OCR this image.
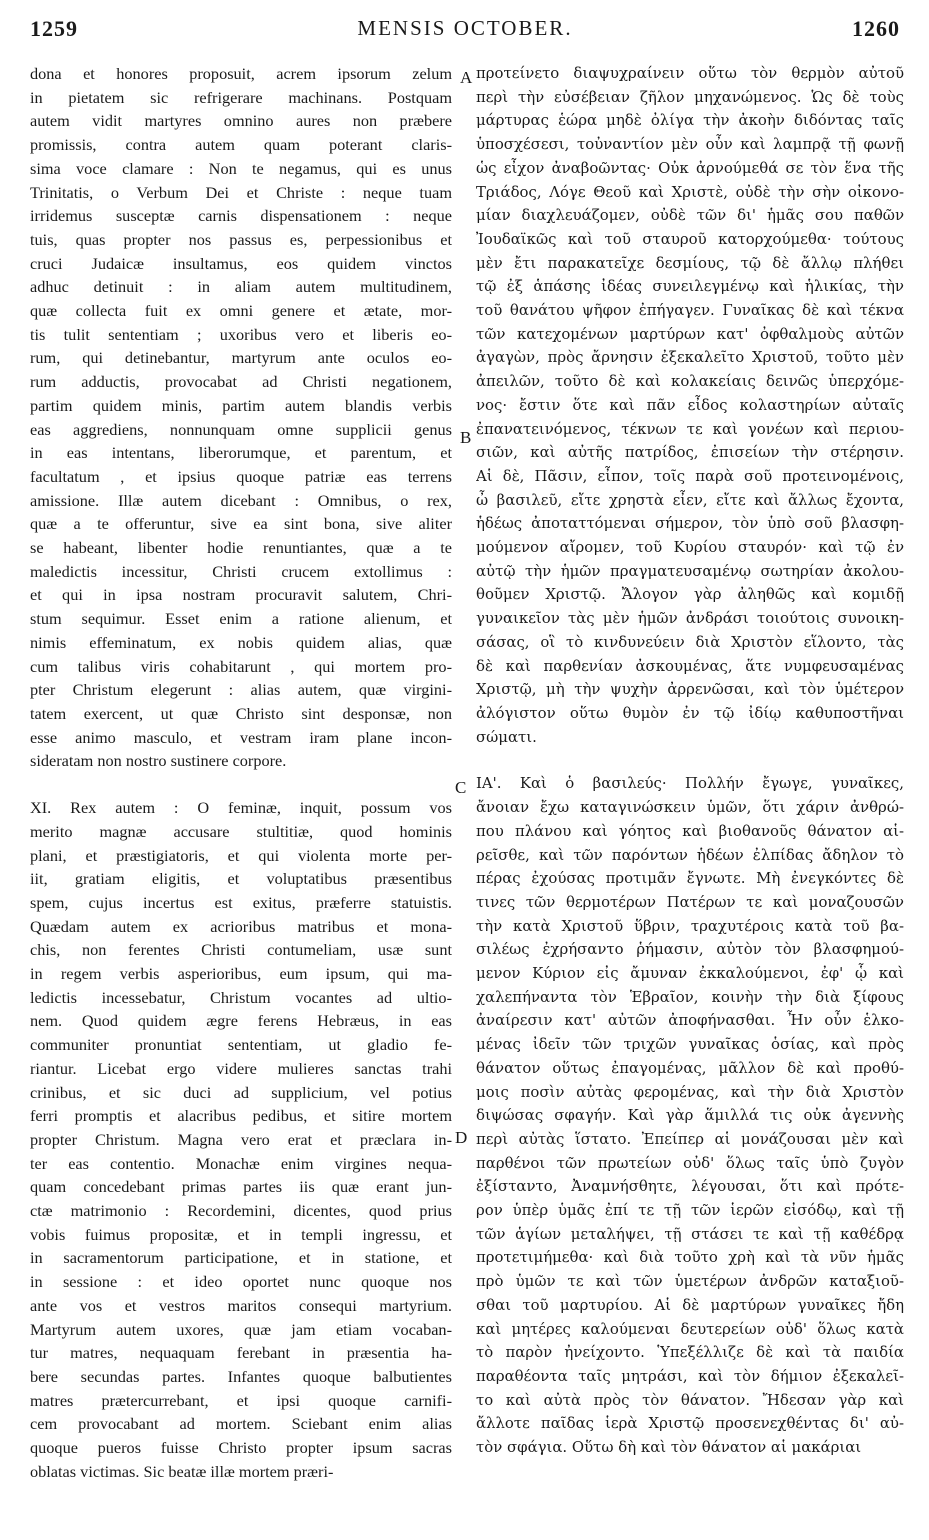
1259	MENSIS OCTOBER.	1260
A
B
C
D
dona et honores proposuit, acrem ipsorum zelum
in pietatem sic refrigerare machinans. Postquam
autem vidit martyres omnino aures non præbere
promissis, contra autem quam poterant claris-
sima voce clamare : Non te negamus, qui es unus
Trinitatis, o Verbum Dei et Christe : neque tuam
irridemus susceptæ carnis dispensationem : neque
tuis, quas propter nos passus es, perpessionibus et
cruci Judaicæ insultamus, eos quidem vinctos
adhuc detinuit : in aliam autem multitudinem,
quæ collecta fuit ex omni genere et ætate, mor-
tis tulit sententiam ; uxoribus vero et liberis eo-
rum, qui detinebantur, martyrum ante oculos eo-
rum adductis, provocabat ad Christi negationem,
partim quidem minis, partim autem blandis verbis
eas aggrediens, nonnunquam omne supplicii genus
in eas intentans, liberorumque, et parentum, et
facultatum , et ipsius quoque patriæ eas terrens
amissione. Illæ autem dicebant : Omnibus, o rex,
quæ a te offeruntur, sive ea sint bona, sive aliter
se habeant, libenter hodie renuntiantes, quæ a te
maledictis incessitur, Christi crucem extollimus :
et qui in ipsa nostram procuravit salutem, Chri-
stum sequimur. Esset enim a ratione alienum, et
nimis effeminatum, ex nobis quidem alias, quæ
cum talibus viris cohabitarunt , qui mortem pro-
pter Christum elegerunt : alias autem, quæ virgini-
tatem exercent, ut quæ Christo sint desponsæ, non
esse animo masculo, et vestram iram plane incon-
sideratam non nostro sustinere corpore.
XI. Rex autem : O feminæ, inquit, possum vos
merito magnæ accusare stultitiæ, quod hominis
plani, et præstigiatoris, et qui violenta morte per-
iit, gratiam eligitis, et voluptatibus præsentibus
spem, cujus incertus est exitus, præferre statuistis.
Quædam autem ex acrioribus matribus et mona-
chis, non ferentes Christi contumeliam, usæ sunt
in regem verbis asperioribus, eum ipsum, qui ma-
ledictis incessebatur, Christum vocantes ad ultio-
nem. Quod quidem ægre ferens Hebræus, in eas
communiter pronuntiat sententiam, ut gladio fe-
riantur. Licebat ergo videre mulieres sanctas trahi
crinibus, et sic duci ad supplicium, vel potius
ferri promptis et alacribus pedibus, et sitire mortem
propter Christum. Magna vero erat et præclara in-
ter eas contentio. Monachæ enim virgines nequa-
quam concedebant primas partes iis quæ erant jun-
ctæ matrimonio : Recordemini, dicentes, quod prius
vobis fuimus propositæ, et in templi ingressu, et
in sacramentorum participatione, et in statione, et
in sessione : et ideo oportet nunc quoque nos
ante vos et vestros maritos consequi martyrium.
Martyrum autem uxores, quæ jam etiam vocaban-
tur matres, nequaquam ferebant in præsentia ha-
bere secundas partes. Infantes quoque balbutientes
matres prætercurrebant, et ipsi quoque carnifi-
cem provocabant ad mortem. Sciebant enim alias
quoque pueros fuisse Christo propter ipsum sacras
oblatas victimas. Sic beatæ illæ mortem præri-
προτείνετο διαψυχραίνειν οὕτω τὸν θερμὸν αὐτοῦ
περὶ τὴν εὐσέβειαν ζῆλον μηχανώμενος. Ὡς δὲ τοὺς
μάρτυρας ἑώρα μηδὲ ὀλίγα τὴν ἀκοὴν διδόντας ταῖς
ὑποσχέσεσι, τοὐναντίον μὲν οὖν καὶ λαμπρᾷ τῇ φωνῇ
ὡς εἶχον ἀναβοῶντας· Οὐκ ἀρνούμεθά σε τὸν ἕνα τῆς
Τριάδος, Λόγε Θεοῦ καὶ Χριστὲ, οὐδὲ τὴν σὴν οἰκονο-
μίαν διαχλευάζομεν, οὐδὲ τῶν δι' ἡμᾶς σου παθῶν
Ἰουδαϊκῶς καὶ τοῦ σταυροῦ κατορχούμεθα· τούτους
μὲν ἔτι παρακατεῖχε δεσμίους, τῷ δὲ ἄλλῳ πλήθει
τῷ ἐξ ἁπάσης ἰδέας συνειλεγμένῳ καὶ ἡλικίας, τὴν
τοῦ θανάτου ψῆφον ἐπήγαγεν. Γυναῖκας δὲ καὶ τέκνα
τῶν κατεχομένων μαρτύρων κατ' ὀφθαλμοὺς αὐτῶν
ἀγαγὼν, πρὸς ἄρνησιν ἐξεκαλεῖτο Χριστοῦ, τοῦτο μὲν
ἀπειλῶν, τοῦτο δὲ καὶ κολακείαις δεινῶς ὑπερχόμε-
νος· ἔστιν ὅτε καὶ πᾶν εἶδος κολαστηρίων αὐταῖς
ἐπανατεινόμενος, τέκνων τε καὶ γονέων καὶ περιου-
σιῶν, καὶ αὐτῆς πατρίδος, ἐπισείων τὴν στέρησιν.
Αἱ δὲ, Πᾶσιν, εἶπον, τοῖς παρὰ σοῦ προτεινομένοις,
ὦ βασιλεῦ, εἴτε χρηστὰ εἶεν, εἴτε καὶ ἄλλως ἔχοντα,
ἡδέως ἀποταττόμεναι σήμερον, τὸν ὑπὸ σοῦ βλασφη-
μούμενον αἴρομεν, τοῦ Κυρίου σταυρόν· καὶ τῷ ἐν
αὐτῷ τὴν ἡμῶν πραγματευσαμένῳ σωτηρίαν ἀκολου-
θοῦμεν Χριστῷ. Ἄλογον γὰρ ἀληθῶς καὶ κομιδῇ
γυναικεῖον τὰς μὲν ἡμῶν ἀνδράσι τοιούτοις συνοικη-
σάσας, οἳ τὸ κινδυνεύειν διὰ Χριστὸν εἵλοντο, τὰς
δὲ καὶ παρθενίαν ἀσκουμένας, ἅτε νυμφευσαμένας
Χριστῷ, μὴ τὴν ψυχὴν ἀρρενῶσαι, καὶ τὸν ὑμέτερον
ἀλόγιστον οὕτω θυμὸν ἐν τῷ ἰδίῳ καθυποστῆναι
σώματι.
ΙΑ'. Καὶ ὁ βασιλεύς· Πολλήν ἔγωγε, γυναῖκες,
ἄνοιαν ἔχω καταγινώσκειν ὑμῶν, ὅτι χάριν ἀνθρώ-
που πλάνου καὶ γόητος καὶ βιοθανοῦς θάνατον αἱ-
ρεῖσθε, καὶ τῶν παρόντων ἡδέων ἐλπίδας ἄδηλον τὸ
πέρας ἐχούσας προτιμᾶν ἔγνωτε. Μὴ ἐνεγκόντες δὲ
τινες τῶν θερμοτέρων Πατέρων τε καὶ μοναζουσῶν
τὴν κατὰ Χριστοῦ ὕβριν, τραχυτέροις κατὰ τοῦ βα-
σιλέως ἐχρήσαντο ῥήμασιν, αὐτὸν τὸν βλασφημού-
μενον Κύριον εἰς ἄμυναν ἐκκαλούμενοι, ἐφ' ᾧ καὶ
χαλεπήναντα τὸν Ἑβραῖον, κοινὴν τὴν διὰ ξίφους
ἀναίρεσιν κατ' αὐτῶν ἀποφήνασθαι. Ἦν οὖν ἑλκο-
μένας ἰδεῖν τῶν τριχῶν γυναῖκας ὁσίας, καὶ πρὸς
θάνατον οὕτως ἐπαγομένας, μᾶλλον δὲ καὶ προθύ-
μοις ποσὶν αὐτὰς φερομένας, καὶ τὴν διὰ Χριστὸν
διψώσας σφαγήν. Καὶ γὰρ ἅμιλλά τις οὐκ ἀγεννὴς
περὶ αὐτὰς ἵστατο. Ἐπείπερ αἱ μονάζουσαι μὲν καὶ
παρθένοι τῶν πρωτείων οὐδ' ὅλως ταῖς ὑπὸ ζυγὸν
ἐξίσταντο, Ἀναμνήσθητε, λέγουσαι, ὅτι καὶ πρότε-
ρον ὑπὲρ ὑμᾶς ἐπί τε τῇ τῶν ἱερῶν εἰσόδῳ, καὶ τῇ
τῶν ἁγίων μεταλήψει, τῇ στάσει τε καὶ τῇ καθέδρᾳ
προτετιμήμεθα· καὶ διὰ τοῦτο χρὴ καὶ τὰ νῦν ἡμᾶς
πρὸ ὑμῶν τε καὶ τῶν ὑμετέρων ἀνδρῶν καταξιοῦ-
σθαι τοῦ μαρτυρίου. Αἱ δὲ μαρτύρων γυναῖκες ἤδη
καὶ μητέρες καλούμεναι δευτερείων οὐδ' ὅλως κατὰ
τὸ παρὸν ἠνείχοντο. Ὑπεξέλλιζε δὲ καὶ τὰ παιδία
παραθέοντα ταῖς μητράσι, καὶ τὸν δήμιον ἐξεκαλεῖ-
το καὶ αὐτὰ πρὸς τὸν θάνατον. Ἤδεσαν γὰρ καὶ
ἄλλοτε παῖδας ἱερὰ Χριστῷ προσενεχθέντας δι' αὐ-
τὸν σφάγια. Οὕτω δὴ καὶ τὸν θάνατον αἱ μακάριαι
